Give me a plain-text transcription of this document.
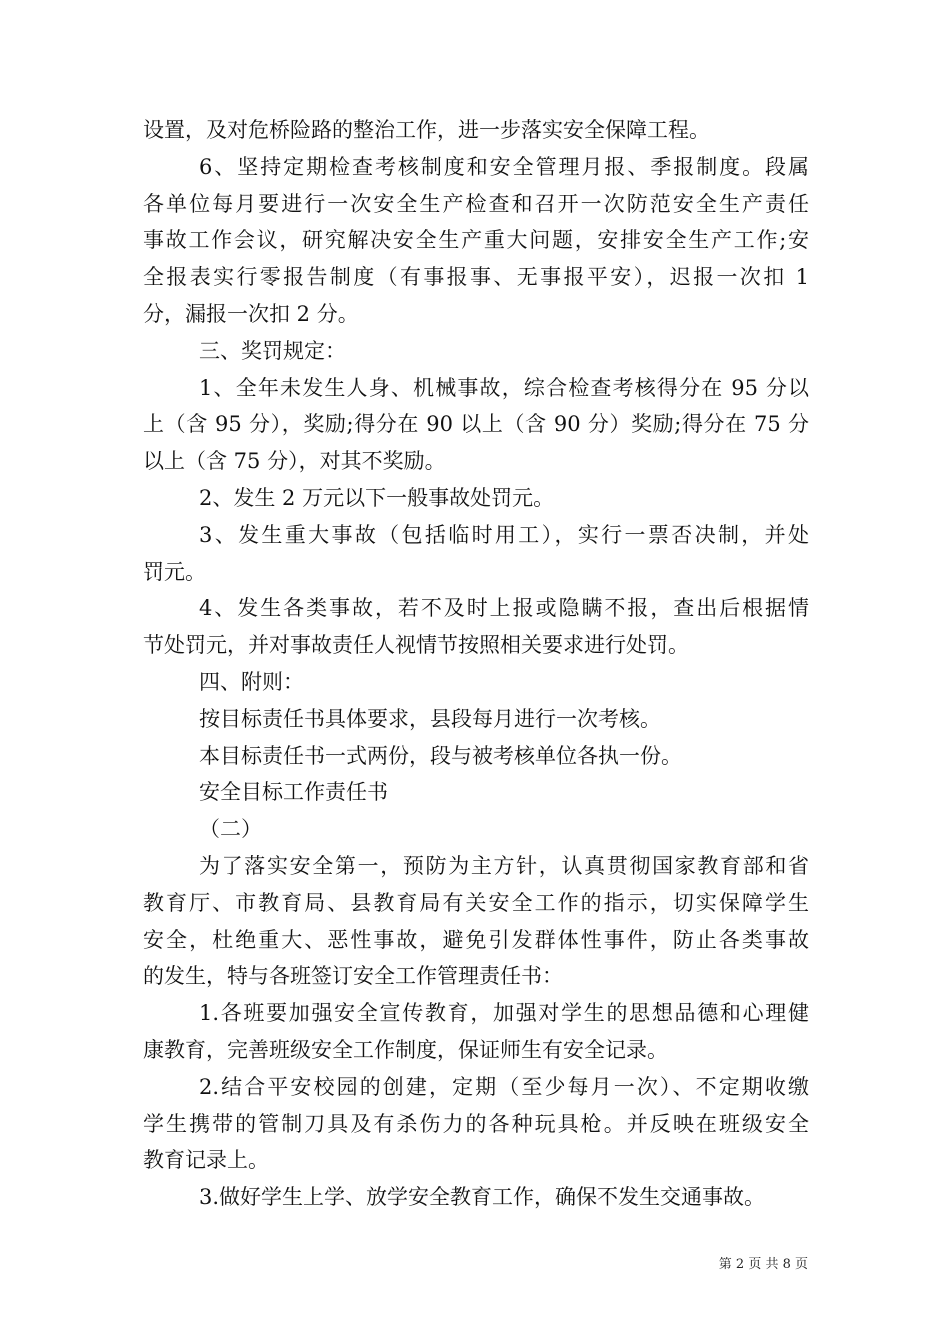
设置，及对危桥险路的整治工作，进一步落实安全保障工程。
6、坚持定期检查考核制度和安全管理月报、季报制度。段属
各单位每月要进行一次安全生产检查和召开一次防范安全生产责任
事故工作会议，研究解决安全生产重大问题，安排安全生产工作;安
全报表实行零报告制度（有事报事、无事报平安），迟报一次扣 1
分，漏报一次扣 2 分。
三、奖罚规定：
1、全年未发生人身、机械事故，综合检查考核得分在 95 分以
上（含 95 分），奖励;得分在 90 以上（含 90 分）奖励;得分在 75 分
以上（含 75 分），对其不奖励。
2、发生 2 万元以下一般事故处罚元。
3、发生重大事故（包括临时用工），实行一票否决制，并处
罚元。
4、发生各类事故，若不及时上报或隐瞒不报，查出后根据情
节处罚元，并对事故责任人视情节按照相关要求进行处罚。
四、附则：
按目标责任书具体要求，县段每月进行一次考核。
本目标责任书一式两份，段与被考核单位各执一份。
安全目标工作责任书
（二）
为了落实安全第一，预防为主方针，认真贯彻国家教育部和省
教育厅、市教育局、县教育局有关安全工作的指示，切实保障学生
安全，杜绝重大、恶性事故，避免引发群体性事件，防止各类事故
的发生，特与各班签订安全工作管理责任书：
1.各班要加强安全宣传教育，加强对学生的思想品德和心理健
康教育，完善班级安全工作制度，保证师生有安全记录。
2.结合平安校园的创建，定期（至少每月一次）、不定期收缴
学生携带的管制刀具及有杀伤力的各种玩具枪。并反映在班级安全
教育记录上。
3.做好学生上学、放学安全教育工作，确保不发生交通事故。
第 2 页 共 8 页
